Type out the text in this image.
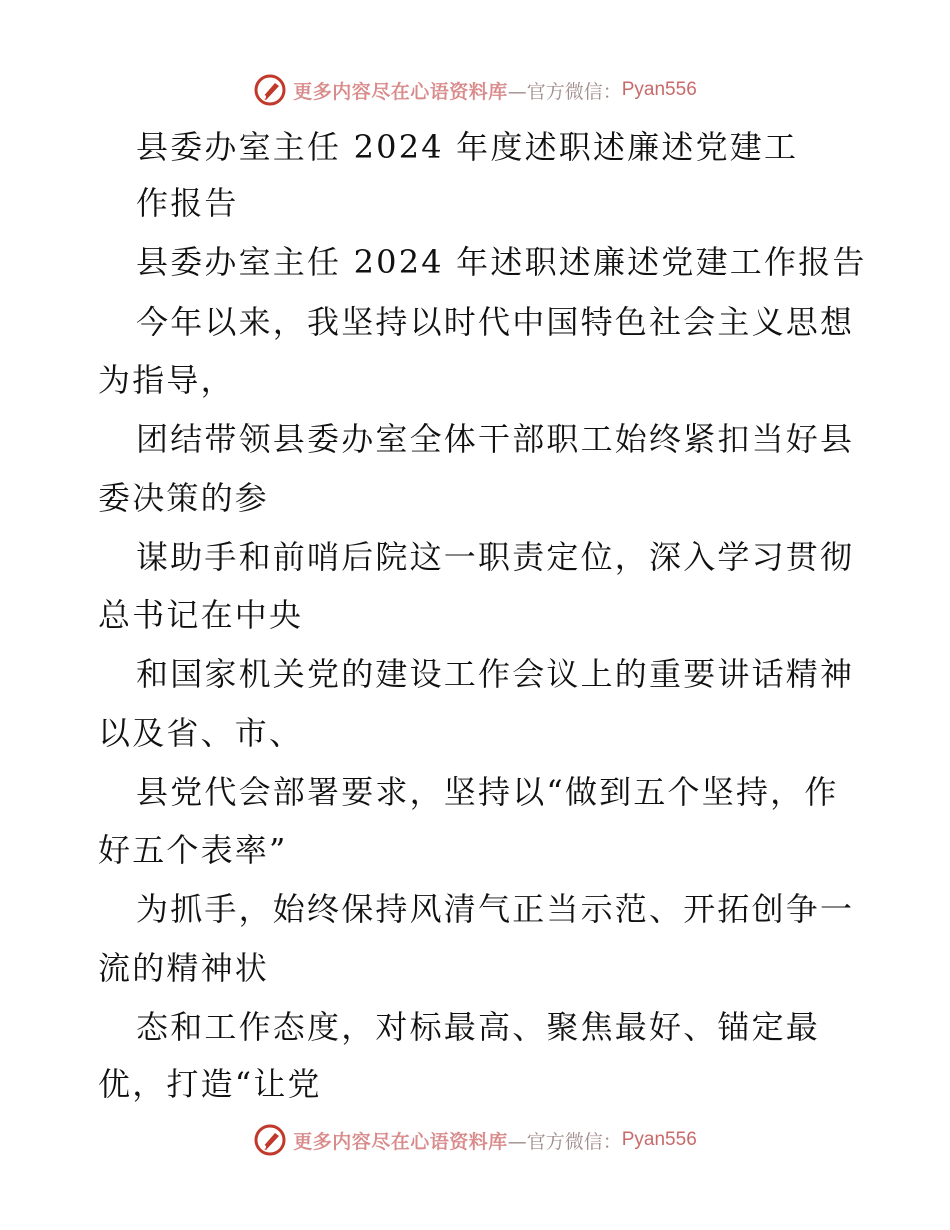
更多内容尽在心语资料库 —官方微信： Pyan556
县委办室主任 2024 年度述职述廉述党建工
作报告
县委办室主任 2024 年述职述廉述党建工作报告
今年以来，我坚持以时代中国特色社会主义思想
为指导，
团结带领县委办室全体干部职工始终紧扣当好县
委决策的参
谋助手和前哨后院这一职责定位，深入学习贯彻
总书记在中央
和国家机关党的建设工作会议上的重要讲话精神
以及省、市、
县党代会部署要求，坚持以“做到五个坚持，作
好五个表率”
为抓手，始终保持风清气正当示范、开拓创争一
流的精神状
态和工作态度，对标最高、聚焦最好、锚定最
优，打造“让党
更多内容尽在心语资料库 —官方微信： Pyan556
